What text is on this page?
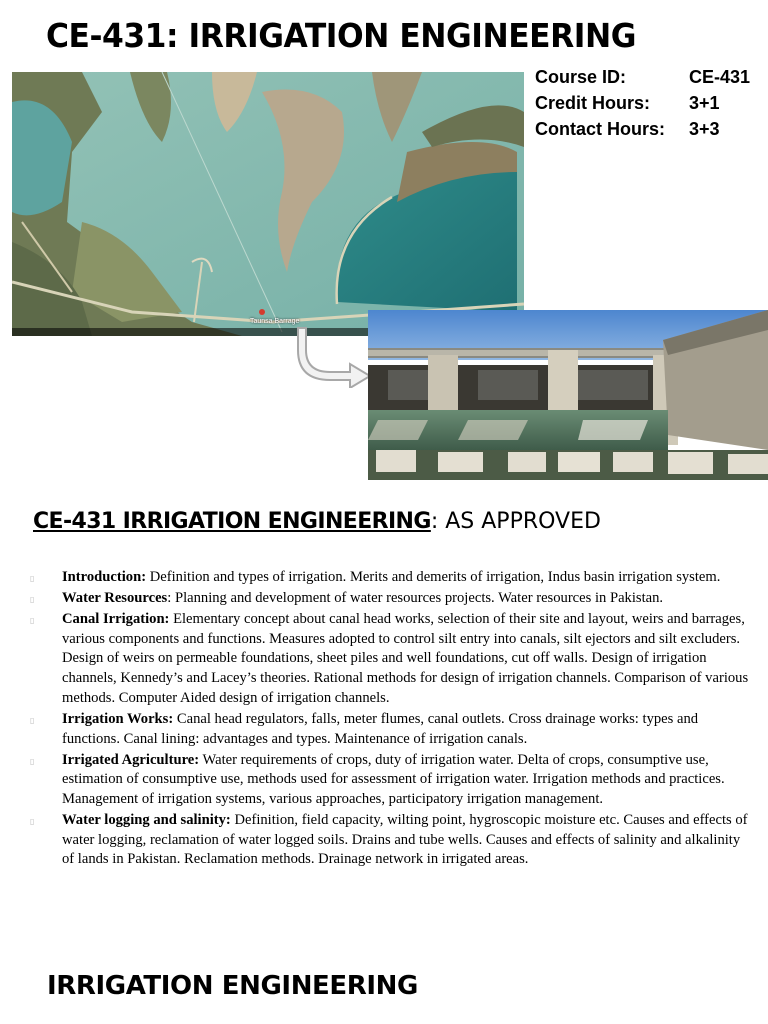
CE-431: IRRIGATION ENGINEERING
Course ID:	CE-431
Credit Hours:	3+1
Contact Hours:	3+3
Taunsa Barrage
CE-431 IRRIGATION ENGINEERING: AS APPROVED
▯ Introduction: Definition and types of irrigation. Merits and demerits of irrigation, Indus basin irrigation system.
▯ Water Resources: Planning and development of water resources projects. Water resources in Pakistan.
▯ Canal Irrigation: Elementary concept about canal head works, selection of their site and layout, weirs and barrages, various components and functions. Measures adopted to control silt entry into canals, silt ejectors and silt excluders. Design of weirs on permeable foundations, sheet piles and well foundations, cut off walls. Design of irrigation channels, Kennedy’s and Lacey’s theories. Rational methods for design of irrigation channels. Comparison of various methods. Computer Aided design of irrigation channels.
▯ Irrigation Works: Canal head regulators, falls, meter flumes, canal outlets. Cross drainage works: types and functions. Canal lining: advantages and types. Maintenance of irrigation canals.
▯ Irrigated Agriculture: Water requirements of crops, duty of irrigation water. Delta of crops, consumptive use, estimation of consumptive use, methods used for assessment of irrigation water. Irrigation methods and practices. Management of irrigation systems, various approaches, participatory irrigation management.
▯ Water logging and salinity: Definition, field capacity, wilting point, hygroscopic moisture etc. Causes and effects of water logging, reclamation of water logged soils. Drains and tube wells. Causes and effects of salinity and alkalinity of lands in Pakistan. Reclamation methods. Drainage network in irrigated areas.
IRRIGATION ENGINEERING
